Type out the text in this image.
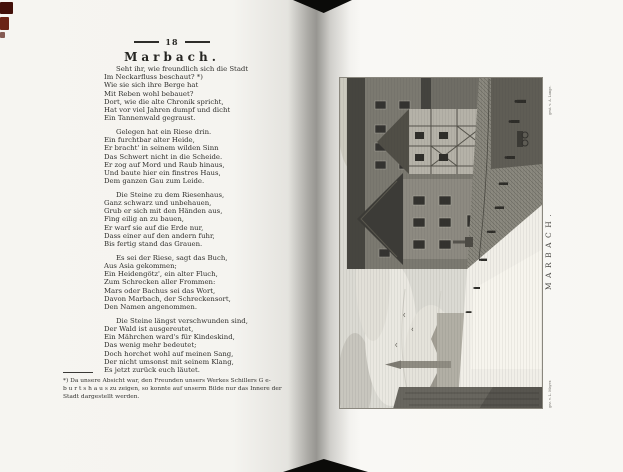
18
Marbach.
Seht ihr, wie freundlich sich die Stadt
Im Neckarfluss beschaut? *)
Wie sie sich ihre Berge hat
Mit Reben wohl bebauet?
Dort, wie die alte Chronik spricht,
Hat vor viel Jahren dumpf und dicht
Ein Tannenwald gegraust.
Gelegen hat ein Riese drin.
Ein furchtbar alter Heide,
Er bracht' in seinem wilden Sinn
Das Schwert nicht in die Scheide.
Er zog auf Mord und Raub hinaus,
Und baute hier ein finstres Haus,
Dem ganzen Gau zum Leide.
Die Steine zu dem Riesenhaus,
Ganz schwarz und unbehauen,
Grub er sich mit den Händen aus,
Fing eilig an zu bauen,
Er warf sie auf die Erde nur,
Dass einer auf den andern fuhr,
Bis fertig stand das Grauen.
Es sei der Riese, sagt das Buch,
Aus Asia gekommen;
Ein Heidengötz', ein alter Fluch,
Zum Schrecken aller Frommen:
Mars oder Bachus sei das Wort,
Davon Marbach, der Schreckensort,
Den Namen angenommen.
Die Steine längst verschwunden sind,
Der Wald ist ausgereutet,
Ein Mährchen ward's für Kindeskind,
Das wenig mehr bedeutet;
Doch horchet wohl auf meinen Sang,
Der nicht umsonst mit seinem Klang,
Es jetzt zurück euch läutet.
*) Da unsere Absicht war, den Freunden unsers Werkes Schillers G e-
b u r t s h a u s zu zeigen, so konnte auf unserm Bilde nur das Innere der
Stadt dargestellt werden.
MARBACH.
gest. v. A. Lange.
gez. v. L. Mayer.
